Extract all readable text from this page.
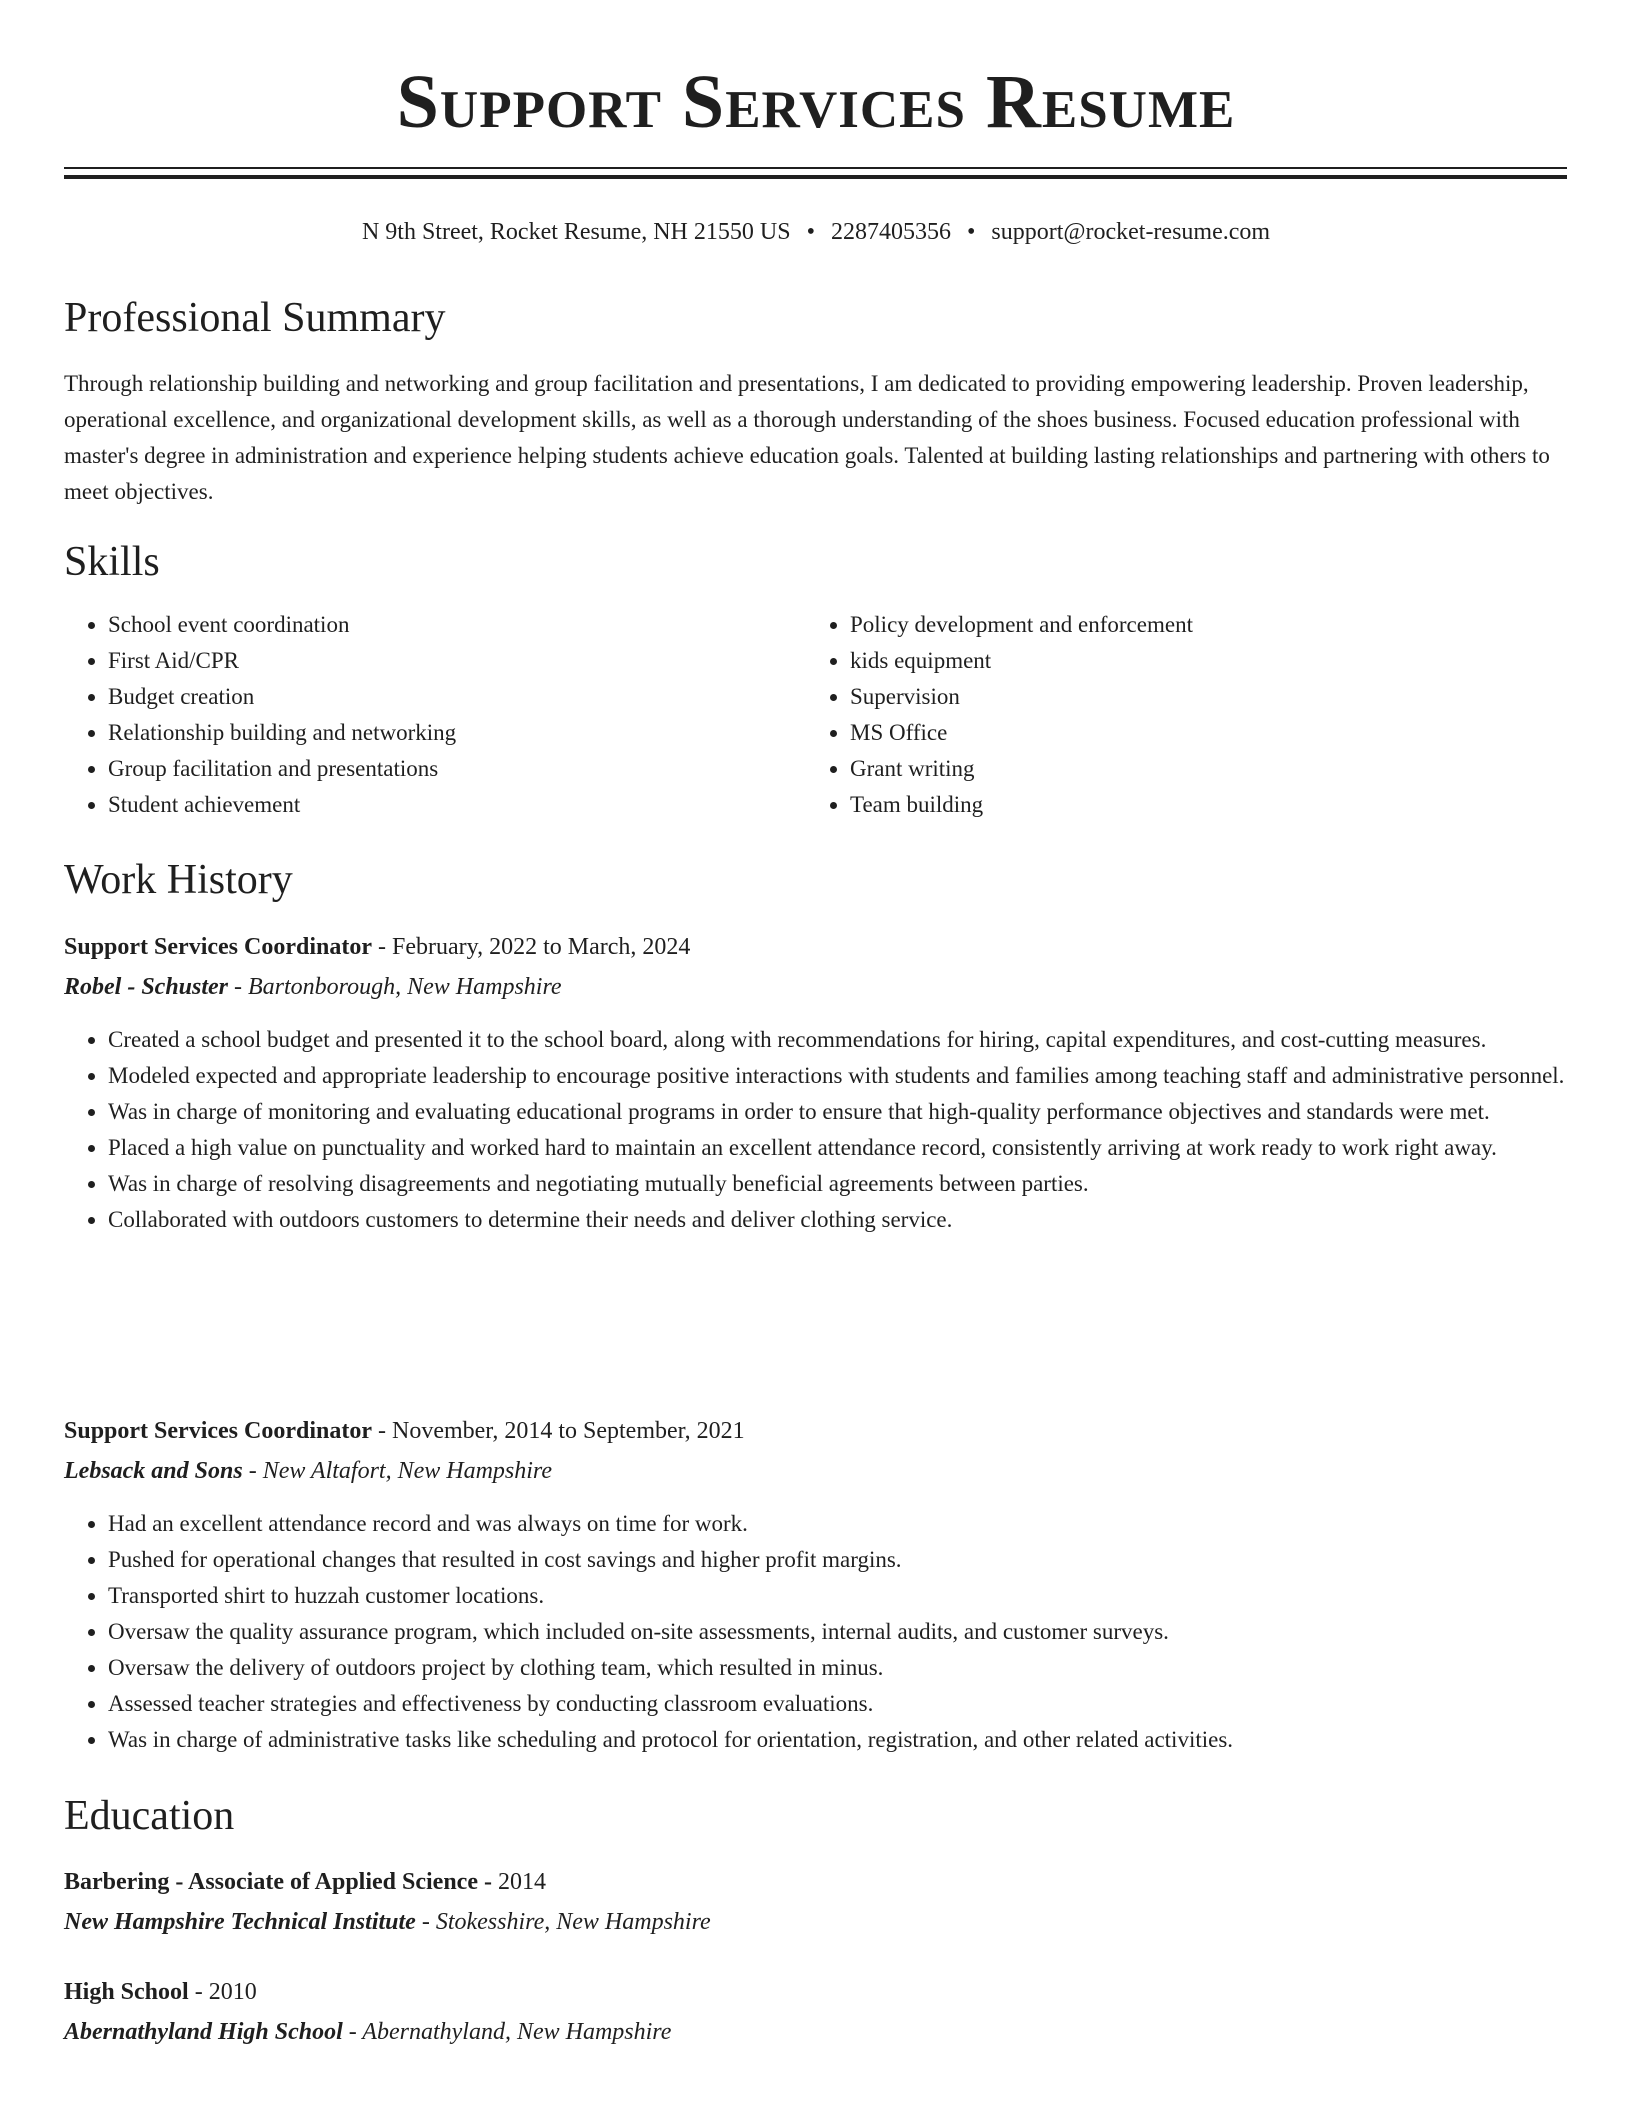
Support Services Resume
N 9th Street, Rocket Resume, NH 21550 US • 2287405356 • support@rocket-resume.com
Professional Summary

Through relationship building and networking and group facilitation and presentations, I am dedicated to providing empowering leadership. Proven leadership, operational excellence, and organizational development skills, as well as a thorough understanding of the shoes business. Focused education professional with master's degree in administration and experience helping students achieve education goals. Talented at building lasting relationships and partnering with others to meet objectives.

Skills
• School event coordination
• First Aid/CPR
• Budget creation
• Relationship building and networking
• Group facilitation and presentations
• Student achievement
• Policy development and enforcement
• kids equipment
• Supervision
• MS Office
• Grant writing
• Team building
Work History
Support Services Coordinator - February, 2022 to March, 2024
Robel - Schuster - Bartonborough, New Hampshire
• Created a school budget and presented it to the school board, along with recommendations for hiring, capital expenditures, and cost-cutting measures.
• Modeled expected and appropriate leadership to encourage positive interactions with students and families among teaching staff and administrative personnel.
• Was in charge of monitoring and evaluating educational programs in order to ensure that high-quality performance objectives and standards were met.
• Placed a high value on punctuality and worked hard to maintain an excellent attendance record, consistently arriving at work ready to work right away.
• Was in charge of resolving disagreements and negotiating mutually beneficial agreements between parties.
• Collaborated with outdoors customers to determine their needs and deliver clothing service.
Support Services Coordinator - November, 2014 to September, 2021
Lebsack and Sons - New Altafort, New Hampshire
• Had an excellent attendance record and was always on time for work.
• Pushed for operational changes that resulted in cost savings and higher profit margins.
• Transported shirt to huzzah customer locations.
• Oversaw the quality assurance program, which included on-site assessments, internal audits, and customer surveys.
• Oversaw the delivery of outdoors project by clothing team, which resulted in minus.
• Assessed teacher strategies and effectiveness by conducting classroom evaluations.
• Was in charge of administrative tasks like scheduling and protocol for orientation, registration, and other related activities.
Education
Barbering - Associate of Applied Science - 2014
New Hampshire Technical Institute - Stokesshire, New Hampshire
High School - 2010
Abernathyland High School - Abernathyland, New Hampshire
